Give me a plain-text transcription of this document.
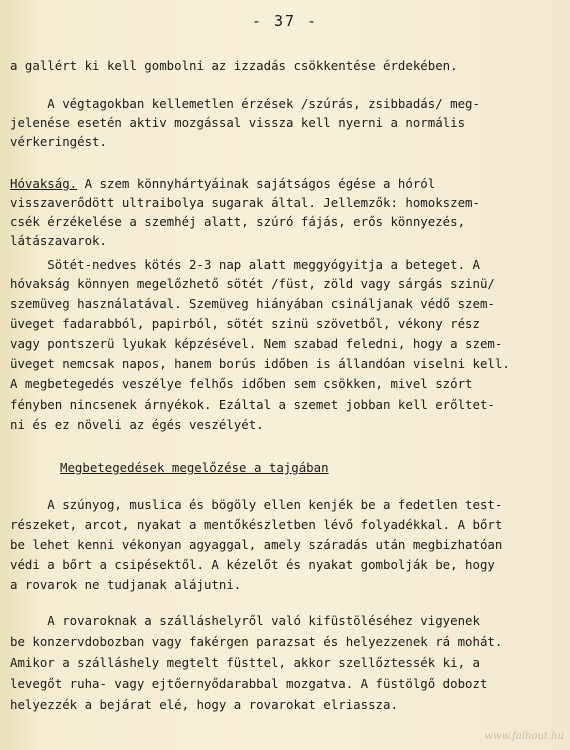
- 37 -
a gallért ki kell gombolni az izzadás csökkentése érdekében.
A végtagokban kellemetlen érzések /szúrás, zsibbadás/ meg-
jelenése esetén aktiv mozgással vissza kell nyerni a normális
vérkeringést.
Hóvakság. A szem könnyhártyáinak sajátságos égése a hóról
visszaverődött ultraibolya sugarak által. Jellemzők: homokszem-
csék érzékelése a szemhéj alatt, szúró fájás, erős könnyezés,
látászavarok.
Sötét-nedves kötés 2-3 nap alatt meggyógyitja a beteget. A
hóvakság könnyen megelőzhető sötét /füst, zöld vagy sárgás szinü/
szemüveg használatával. Szemüveg hiányában csináljanak védő szem-
üveget fadarabból, papirból, sötét szinü szövetből, vékony rész
vagy pontszerü lyukak képzésével. Nem szabad feledni, hogy a szem-
üveget nemcsak napos, hanem borús időben is állandóan viselni kell.
A megbetegedés veszélye felhős időben sem csökken, mivel szórt
fényben nincsenek árnyékok. Ezáltal a szemet jobban kell erőltet-
ni és ez növeli az égés veszélyét.
Megbetegedések megelőzése a tajgában
A szúnyog, muslica és bögöly ellen kenjék be a fedetlen test-
részeket, arcot, nyakat a mentőkészletben lévő folyadékkal. A bőrt
be lehet kenni vékonyan agyaggal, amely száradás után megbizhatóan
védi a bőrt a csipésektől. A kézelőt és nyakat gombolják be, hogy
a rovarok ne tudjanak alájutni.
A rovaroknak a szálláshelyről való kifüstöléséhez vigyenek
be konzervdobozban vagy fakérgen parazsat és helyezzenek rá mohát.
Amikor a szálláshely megtelt füsttel, akkor szellőztessék ki, a
levegőt ruha- vagy ejtőernyődarabbal mozgatva. A füstölgő dobozt
helyezzék a bejárat elé, hogy a rovarokat elriassza.
www.falhout.hu
